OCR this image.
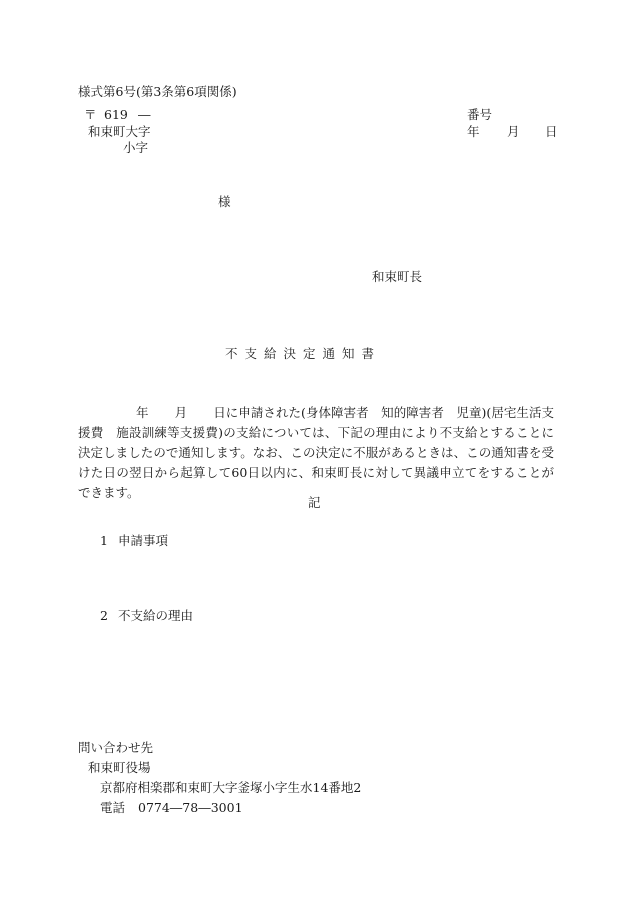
様式第6号(第3条第6項関係)
〒 619 ―
和束町大字
小字
番号
年 月 日
様
和束町長
不支給決定通知書
年 月 日に申請された(身体障害者　知的障害者　児童)(居宅生活支援費　施設訓練等支援費)の支給については、下記の理由により不支給とすることに決定しましたので通知します。なお、この決定に不服があるときは、この通知書を受けた日の翌日から起算して60日以内に、和束町長に対して異議申立てをすることができます。
記
1 申請事項
2 不支給の理由
問い合わせ先
和束町役場
京都府相楽郡和束町大字釜塚小字生水14番地2
電話 0774―78―3001
